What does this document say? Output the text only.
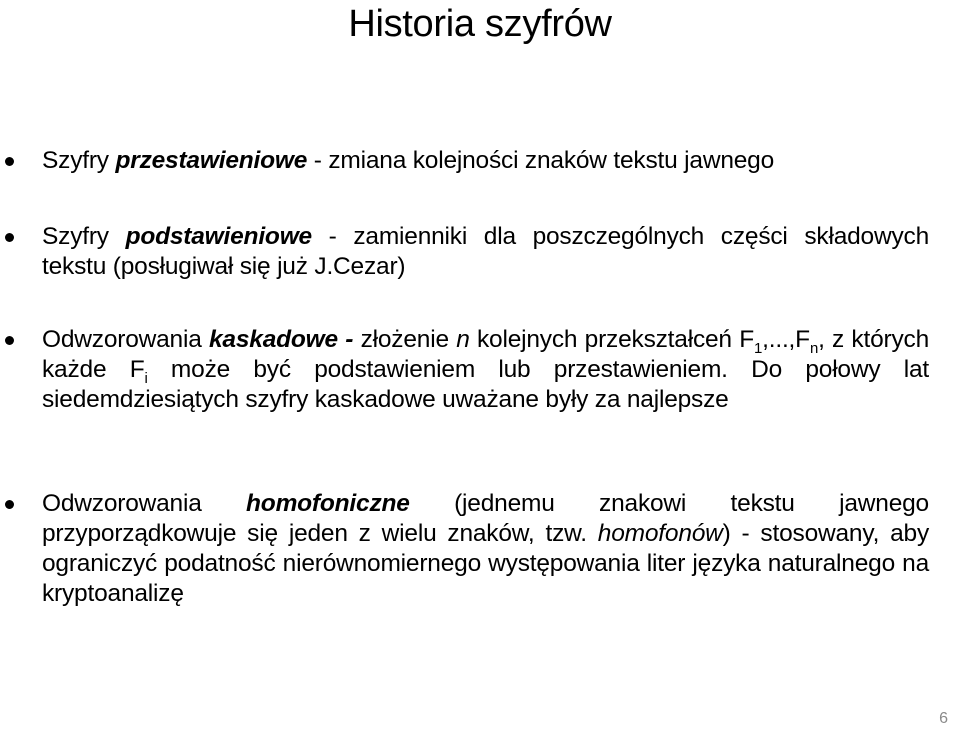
Historia szyfrów
Szyfry przestawieniowe - zmiana kolejności znaków tekstu jawnego
Szyfry podstawieniowe - zamienniki dla poszczególnych części składowych tekstu (posługiwał się już J.Cezar)
Odwzorowania kaskadowe - złożenie n kolejnych przekształceń $F_1,...,F_n$, z których każde $F_i$ może być podstawieniem lub przestawieniem. Do połowy lat siedemdziesiątych szyfry kaskadowe uważane były za najlepsze
Odwzorowania homofoniczne (jednemu znakowi tekstu jawnego przyporządkowuje się jeden z wielu znaków, tzw. homofonów) - stosowany, aby ograniczyć podatność nierównomiernego występowania liter języka naturalnego na kryptoanalizę
6
